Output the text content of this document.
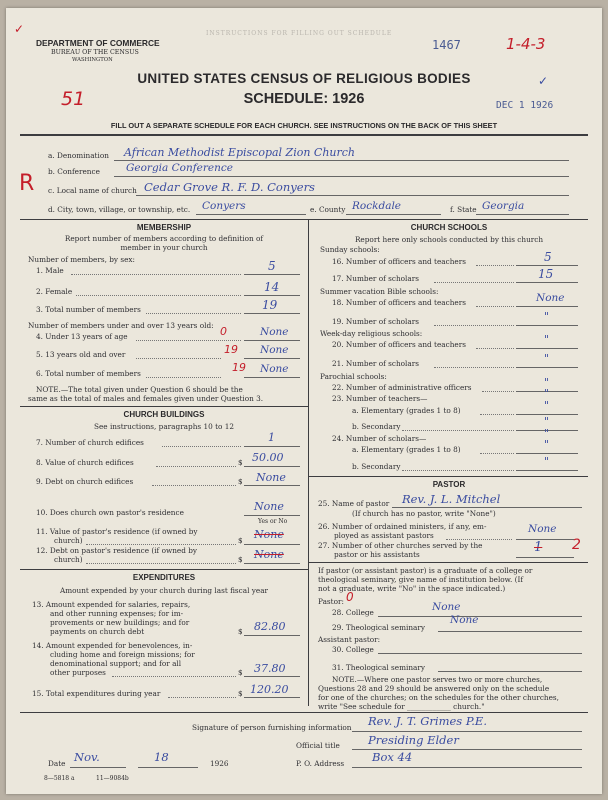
INSTRUCTIONS FOR FILLING OUT SCHEDULE
✓
✓
DEPARTMENT OF COMMERCE
BUREAU OF THE CENSUS
WASHINGTON
1467	1-4-3
UNITED STATES CENSUS OF RELIGIOUS BODIES
SCHEDULE: 1926
51	DEC 1 1926
FILL OUT A SEPARATE SCHEDULE FOR EACH CHURCH. SEE INSTRUCTIONS ON THE BACK OF THIS SHEET
R
a. Denomination African Methodist Episcopal Zion Church
b. Conference Georgia Conference
c. Local name of church Cedar Grove R. F. D. Conyers
d. City, town, village, or township, etc. Conyers	e. County Rockdale	f. State Georgia
MEMBERSHIP
Report number of members according to definition of
member in your church
Number of members, by sex:
1. Male	5
2. Female	14
3. Total number of members	19
Number of members under and over 13 years old:
4. Under 13 years of age	0	None
5. 13 years old and over	19 None
6. Total number of members	19 None
NOTE.—The total given under Question 6 should be the
same as the total of males and females given under Question 3.
CHURCH BUILDINGS
See instructions, paragraphs 10 to 12
7. Number of church edifices	1
8. Value of church edifices	$ 50.00
9. Debt on church edifices	$ None
10. Does church own pastor's residence	None
Yes or No
11. Value of pastor's residence (if owned by
church)	$ None
12. Debt on pastor's residence (if owned by
church)	$ None
EXPENDITURES
Amount expended by your church during last fiscal year
13. Amount expended for salaries, repairs,
and other running expenses; for im-
provements or new buildings; and for
payments on church debt	$ 82.80
14. Amount expended for benevolences, in-
cluding home and foreign missions; for
denominational support; and for all
other purposes	$ 37.80
15. Total expenditures during year	$ 120.20
CHURCH SCHOOLS
Report here only schools conducted by this church
Sunday schools:
16. Number of officers and teachers	5
17. Number of scholars	15
Summer vacation Bible schools:
18. Number of officers and teachers	None
19. Number of scholars	"
Week-day religious schools:
20. Number of officers and teachers	"
21. Number of scholars	"
Parochial schools:
22. Number of administrative officers	"
23. Number of teachers—	"
a. Elementary (grades 1 to 8)	"
b. Secondary	"
24. Number of scholars—	"
a. Elementary (grades 1 to 8)	"
b. Secondary	"
PASTOR
25. Name of pastor Rev. J. L. Mitchel
(If church has no pastor, write "None")
26. Number of ordained ministers, if any, em-
ployed as assistant pastors
None
27. Number of other churches served by the
pastor or his assistants	1 2
If pastor (or assistant pastor) is a graduate of a college or
theological seminary, give name of institution below. (If
not a graduate, write "No" in the space indicated.)
Pastor: 0
28. College	None
29. Theological seminary
None
Assistant pastor:
30. College
31. Theological seminary
NOTE.—Where one pastor serves two or more churches,
Questions 28 and 29 should be answered only on the schedule
for one of the churches; on the schedules for the other churches,
write "See schedule for ____________ church."
Signature of person furnishing information Rev. J. T. Grimes P.E.
Official title Presiding Elder
Date Nov.	18	1926	P. O. Address Box 44
8—5818 a	11—9084b
